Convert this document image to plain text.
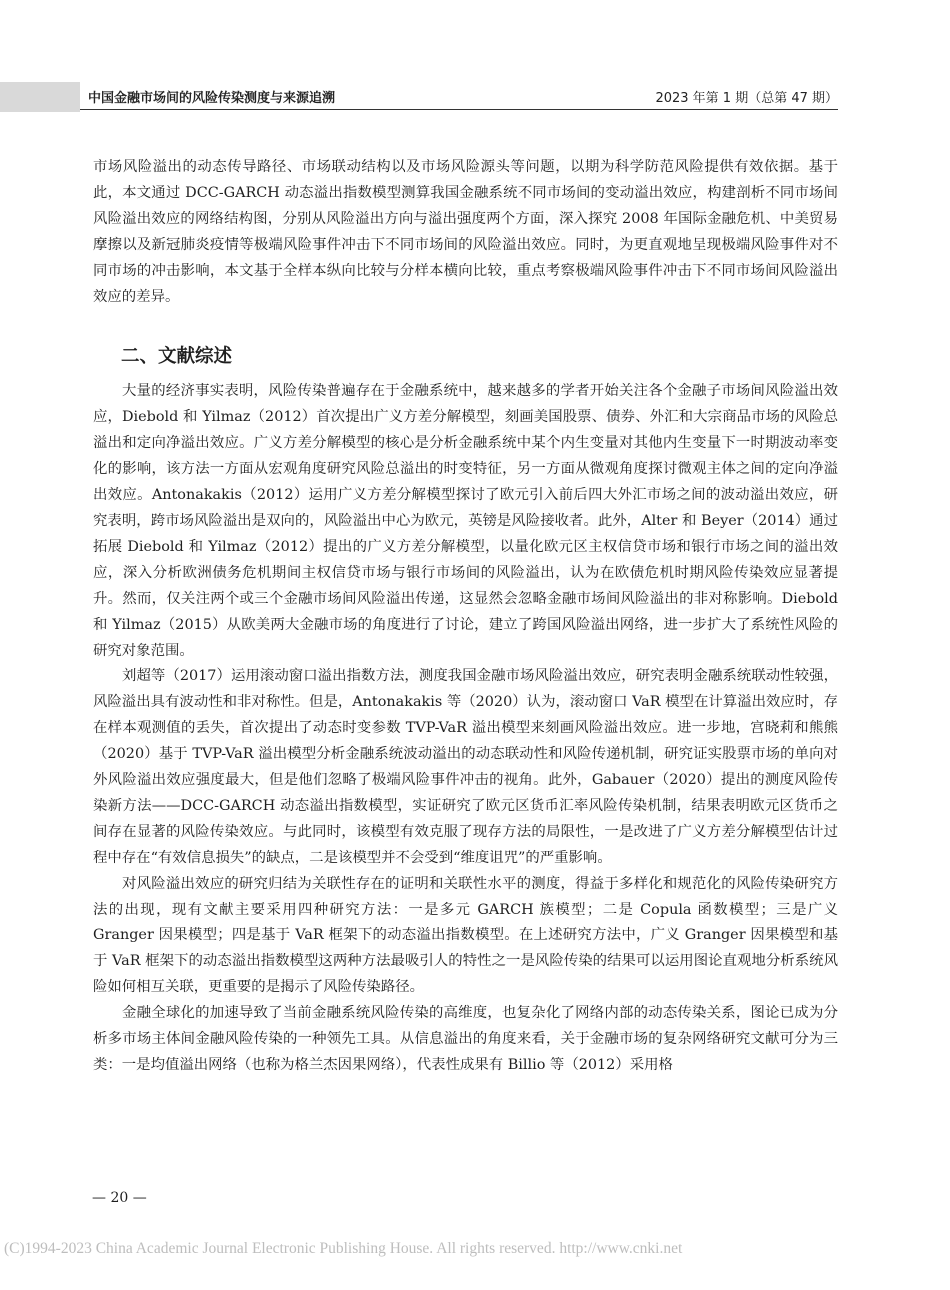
中国金融市场间的风险传染测度与来源追溯	2023 年第 1 期（总第 47 期）

市场风险溢出的动态传导路径、市场联动结构以及市场风险源头等问题，以期为科学防范风险提供有效依据。基于此，本文通过 DCC-GARCH 动态溢出指数模型测算我国金融系统不同市场间的变动溢出效应，构建剖析不同市场间风险溢出效应的网络结构图，分别从风险溢出方向与溢出强度两个方面，深入探究 2008 年国际金融危机、中美贸易摩擦以及新冠肺炎疫情等极端风险事件冲击下不同市场间的风险溢出效应。同时，为更直观地呈现极端风险事件对不同市场的冲击影响，本文基于全样本纵向比较与分样本横向比较，重点考察极端风险事件冲击下不同市场间风险溢出效应的差异。

二、文献综述

大量的经济事实表明，风险传染普遍存在于金融系统中，越来越多的学者开始关注各个金融子市场间风险溢出效应，Diebold 和 Yilmaz（2012）首次提出广义方差分解模型，刻画美国股票、债券、外汇和大宗商品市场的风险总溢出和定向净溢出效应。广义方差分解模型的核心是分析金融系统中某个内生变量对其他内生变量下一时期波动率变化的影响，该方法一方面从宏观角度研究风险总溢出的时变特征，另一方面从微观角度探讨微观主体之间的定向净溢出效应。Antonakakis（2012）运用广义方差分解模型探讨了欧元引入前后四大外汇市场之间的波动溢出效应，研究表明，跨市场风险溢出是双向的，风险溢出中心为欧元，英镑是风险接收者。此外，Alter 和 Beyer（2014）通过拓展 Diebold 和 Yilmaz（2012）提出的广义方差分解模型，以量化欧元区主权信贷市场和银行市场之间的溢出效应，深入分析欧洲债务危机期间主权信贷市场与银行市场间的风险溢出，认为在欧债危机时期风险传染效应显著提升。然而，仅关注两个或三个金融市场间风险溢出传递，这显然会忽略金融市场间风险溢出的非对称影响。Diebold 和 Yilmaz（2015）从欧美两大金融市场的角度进行了讨论，建立了跨国风险溢出网络，进一步扩大了系统性风险的研究对象范围。

刘超等（2017）运用滚动窗口溢出指数方法，测度我国金融市场风险溢出效应，研究表明金融系统联动性较强，风险溢出具有波动性和非对称性。但是，Antonakakis 等（2020）认为，滚动窗口 VaR 模型在计算溢出效应时，存在样本观测值的丢失，首次提出了动态时变参数 TVP-VaR 溢出模型来刻画风险溢出效应。进一步地，宫晓莉和熊熊（2020）基于 TVP-VaR 溢出模型分析金融系统波动溢出的动态联动性和风险传递机制，研究证实股票市场的单向对外风险溢出效应强度最大，但是他们忽略了极端风险事件冲击的视角。此外，Gabauer（2020）提出的测度风险传染新方法——DCC-GARCH 动态溢出指数模型，实证研究了欧元区货币汇率风险传染机制，结果表明欧元区货币之间存在显著的风险传染效应。与此同时，该模型有效克服了现存方法的局限性，一是改进了广义方差分解模型估计过程中存在“有效信息损失”的缺点，二是该模型并不会受到“维度诅咒”的严重影响。

对风险溢出效应的研究归结为关联性存在的证明和关联性水平的测度，得益于多样化和规范化的风险传染研究方法的出现，现有文献主要采用四种研究方法：一是多元 GARCH 族模型；二是 Copula 函数模型；三是广义 Granger 因果模型；四是基于 VaR 框架下的动态溢出指数模型。在上述研究方法中，广义 Granger 因果模型和基于 VaR 框架下的动态溢出指数模型这两种方法最吸引人的特性之一是风险传染的结果可以运用图论直观地分析系统风险如何相互关联，更重要的是揭示了风险传染路径。

金融全球化的加速导致了当前金融系统风险传染的高维度，也复杂化了网络内部的动态传染关系，图论已成为分析多市场主体间金融风险传染的一种领先工具。从信息溢出的角度来看，关于金融市场的复杂网络研究文献可分为三类：一是均值溢出网络（也称为格兰杰因果网络），代表性成果有 Billio 等（2012）采用格

— 20 —
(C)1994-2023 China Academic Journal Electronic Publishing House. All rights reserved. http://www.cnki.net
